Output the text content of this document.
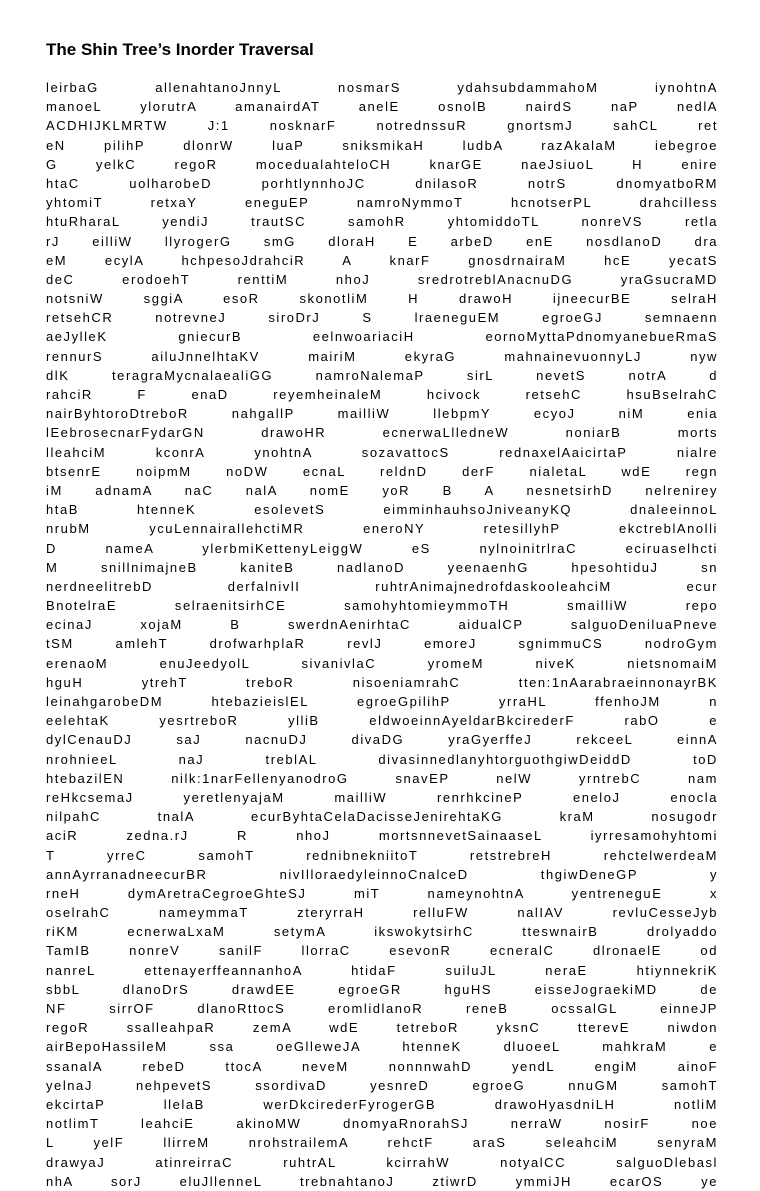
The Shin Tree’s Inorder Traversal
leirbaG allenahtanoJnnyL nosmarS ydahsubdammahoM iynohtnA
manoeL ylorutrA amanairdAT anelE osnolB nairdS naP nedlA
ACDHIJKLMRTW J:1 nosknarF notrednssuR gnortsmJ sahCL ret
eN pilihP dlonrW luaP sniksmikaH ludbA razAkalaM iebegroe
G yelkC regoR mocedualahteloCH knarGE naeJsiuoL H enire
htaC uolharobeD porhtlynnhoJC dnilasoR notrS dnomyatboRM
yhtomiT retxaY eneguEP namroNymmoT hcnotserPL drahcilless
htuRharaL yendiJ trautSC samohR yhtomiddoTL nonreVS retla
rJ eilliW llyrogerG smG dloraH E arbeD enE nosdlanoD dra
eM ecylA hchpesoJdrahciR A knarF gnosdrnairaM hcE yecatS
deC erodoehT renttiM nhoJ sredrotreblAnacnuDG yraGsucraMD
notsniW sggiA esoR skonotliM H drawoH ijneecurBE selraH
retsehCR notrevneJ siroDrJ S lraeneguEM egroeGJ semnaenn
aeJylleK gniecurB eelnwoariaciH eornoMyttaPdnomyanebueRmaS
rennurS ailuJnnelhtaKV mairiM ekyraG mahnainevuonnyLJ nyw
dlK teragraMycnalaealiGG namroNalemaP sirL nevetS notrA d
rahciR F enaD reyemheinaleM hcivock retsehC hsuBselrahC
nairByhtoroDtreboR nahgallP mailliW llebpmY ecyoJ niM enia
lEebrosecnarFydarGN drawoHR ecnerwaLlledneW noniarB morts
lleahciM kconrA ynohtnA sozavattocS rednaxelAaicirtaP nialre
btsenrE noipmM noDW ecnaL reldnD derF nialetaL wdE regn
iM adnamA naC nalA nomE yoR B A nesnetsirhD nelrenirey
htaB htenneK esolevetS eimminhauhsoJniveanyKQ dnaleeinnoL
nrubM ycuLennairallehctiMR eneroNY retesillyhP ekctreblAnolli
D nameA ylerbmiKettenyLeiggW eS nylnoinitrlraC eciruaselhcti
M snillnimajneB kaniteB nadlanoD yeenaenhG hpesohtiduJ sn
nerdneelitrebD derfalnivlI ruhtrAnimajnedrofdaskooleahciM ecur
BnotelraE selraenitsirhCE samohyhtomieymmoTH smailliW repo
ecinaJ xojaM B swerdnAenirhtaC aidualCP salguoDeniluaPneve
tSM amlehT drofwarhplaR revlJ emoreJ sgnimmuCS nodroGym
erenaoM enuJeedyolL sivanivlaC yromeM niveK nietsnomaiM
hguH ytrehT treboR nisoeniamrahC tten:1nAarabraeinnonayrBK
leinahgarobeDM htebazieislEL egroeGpilihP yrraHL ffenhoJM n
eelehtaK yesrtreboR ylliB eldwoeinnAyeldarBkcirederF rabO e
dylCenauDJ saJ nacnuDJ divaDG yraGyerffeJ rekceeL einnA
nrohnieeL naJ treblAL divasinnedlanyhtorguothgiwDeiddD toD
htebazilEN nilk:1narFellenyanodroG snavEP nelW yrntrebC nam
reHkcsemaJ yeretlenyajaM mailliW renrhkcineP eneloJ enocla
nilpahC tnalA ecurByhtaCelaDacisseJenirehtaKG kraM nosugodr
aciR zedna.rJ R nhoJ mortsnnevetSainaaseL iyrresamohyhtomi
T yrreC samohT rednibnekniitoT retstrebreH rehctelwerdeaM
annAyrranadneecurBR nivIlloraedyleinnoCnalceD thgiwDeneGP y
rneH dymAretraCegroeGhteSJ miT nameynohtnA yentreneguE x
oselrahC nameymmaT zteryrraH relluFW nalIAV revluCesseJyb
riKM ecnerwaLxaM setymA ikswokytsirhC tteswnairB drolyaddo
TamIB nonreV sanilF llorraC esevonR ecneralC dlronaelE od
nanreL ettenayerffeannanhoA htidaF suiluJL neraE htiynnekriK
sbbL dlanoDrS drawdEE egroeGR hguHS eisseJograekiMD de
NF sirrOF dlanoRttocS eromlidlanoR reneB ocssalGL einneJP
regoR ssalleahpaR zemA wdE tetreboR yksnC tterevE niwdon
airBepoHassileM ssa oeGlleweJA htenneK dluoeeL mahkraM e
ssanalA rebeD ttocA neveM nonnnwahD yendL engiM ainoF
yelnaJ nehpevetS ssordivaD yesnreD egroeG nnuGM samohT
ekcirtaP llelaB werDkcirederFyrogerGB drawoHyasdniLH notliM
notlimT leahciE akinoMW dnomyaRnorahSJ nerraW nosirF noe
L yelF llirreM nrohstrailemA rehctF araS seleahciM senyraM
drawyaJ atinreirraC ruhtrAL kcirrahW notyalCC salguoDlebasl
nhA sorJ eluJllenneL trebnahtanoJ ztiwrD ymmiJH ecarOS ye
